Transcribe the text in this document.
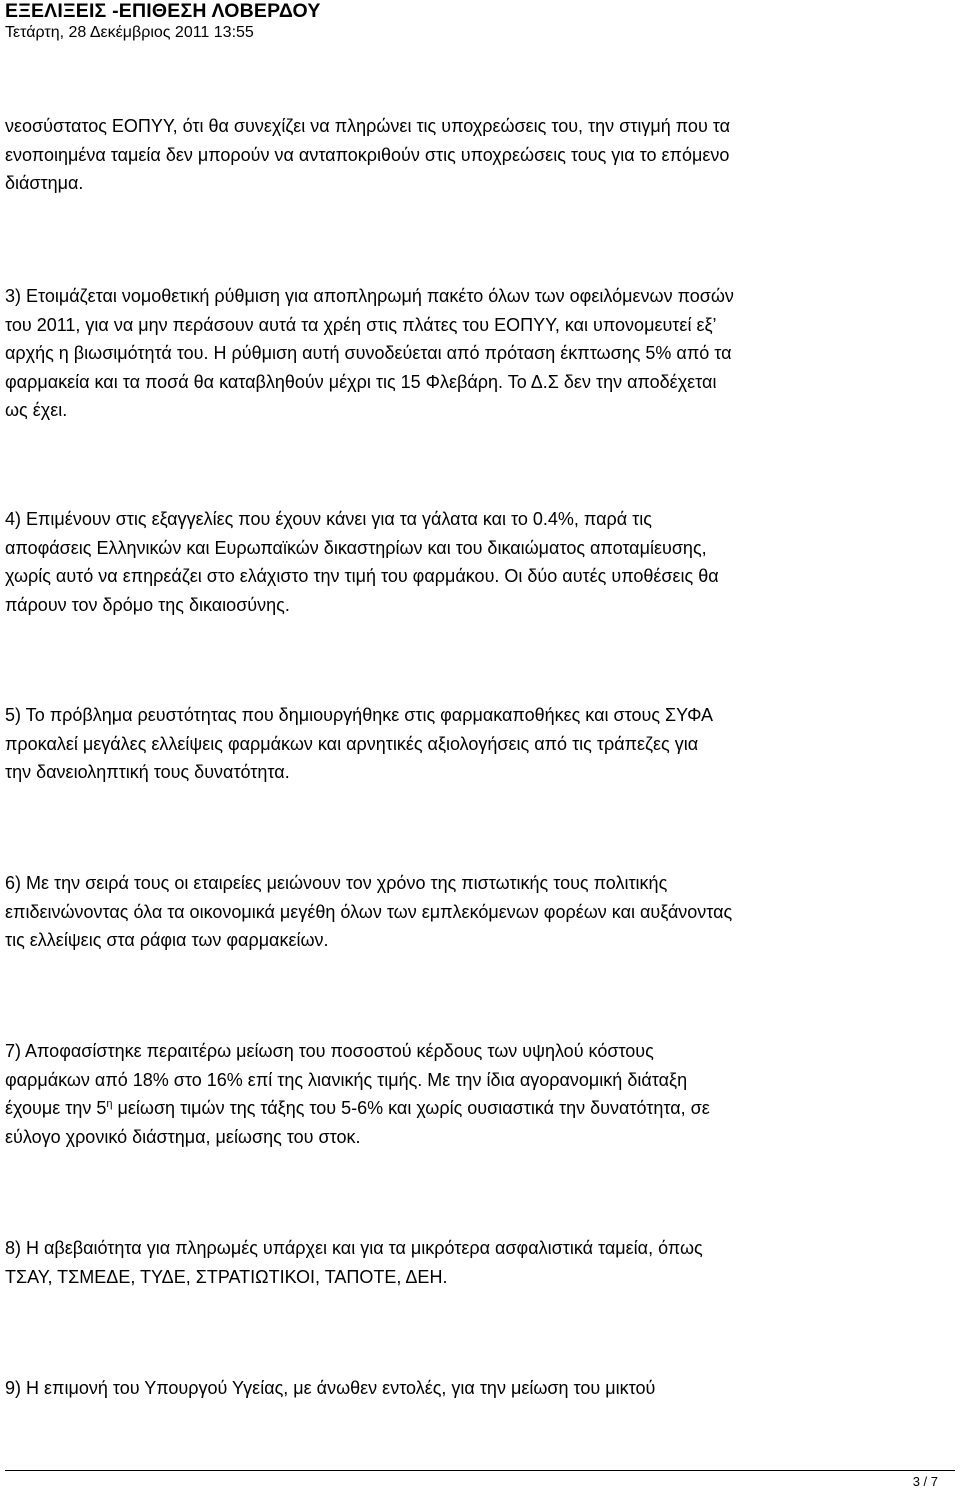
ΕΞΕΛΙΞΕΙΣ -ΕΠΙΘΕΣΗ ΛΟΒΕΡΔΟΥ
Τετάρτη, 28 Δεκέμβριος 2011 13:55

νεοσύστατος ΕΟΠΥΥ, ότι θα συνεχίζει να πληρώνει τις υποχρεώσεις του, την στιγμή που τα
ενοποιημένα ταμεία δεν μπορούν να ανταποκριθούν στις υποχρεώσεις τους για το επόμενο
διάστημα.

3) Ετοιμάζεται νομοθετική ρύθμιση για αποπληρωμή πακέτο όλων των οφειλόμενων ποσών
του 2011, για να μην περάσουν αυτά τα χρέη στις πλάτες του ΕΟΠΥΥ, και υπονομευτεί εξ’
αρχής η βιωσιμότητά του. Η ρύθμιση αυτή συνοδεύεται από πρόταση έκπτωσης 5% από τα
φαρμακεία και τα ποσά θα καταβληθούν μέχρι τις 15 Φλεβάρη. Το Δ.Σ δεν την αποδέχεται
ως έχει.

4) Επιμένουν στις εξαγγελίες που έχουν κάνει για τα γάλατα και το 0.4%, παρά τις
αποφάσεις Ελληνικών και Ευρωπαϊκών δικαστηρίων και του δικαιώματος αποταμίευσης,
χωρίς αυτό να επηρεάζει στο ελάχιστο την τιμή του φαρμάκου. Οι δύο αυτές υποθέσεις θα
πάρουν τον δρόμο της δικαιοσύνης.

5) Το πρόβλημα ρευστότητας που δημιουργήθηκε στις φαρμακαποθήκες και στους ΣΥΦΑ
προκαλεί μεγάλες ελλείψεις φαρμάκων και αρνητικές αξιολογήσεις από τις τράπεζες για
την δανειοληπτική τους δυνατότητα.

6) Με την σειρά τους οι εταιρείες μειώνουν τον χρόνο της πιστωτικής τους πολιτικής
επιδεινώνοντας όλα τα οικονομικά μεγέθη όλων των εμπλεκόμενων φορέων και αυξάνοντας
τις ελλείψεις στα ράφια των φαρμακείων.

7) Αποφασίστηκε περαιτέρω μείωση του ποσοστού κέρδους των υψηλού κόστους
φαρμάκων από 18% στο 16% επί της λιανικής τιμής. Με την ίδια αγορανομική διάταξη
έχουμε την $5^\eta$ μείωση τιμών της τάξης του 5-6% και χωρίς ουσιαστικά την δυνατότητα, σε
εύλογο χρονικό διάστημα, μείωσης του στοκ.

8) Η αβεβαιότητα για πληρωμές υπάρχει και για τα μικρότερα ασφαλιστικά ταμεία, όπως
ΤΣΑΥ, ΤΣΜΕΔΕ, ΤΥΔΕ, ΣΤΡΑΤΙΩΤΙΚΟΙ, ΤΑΠΟΤΕ, ΔΕΗ.

9) Η επιμονή του Υπουργού Υγείας, με άνωθεν εντολές, για την μείωση του μικτού

3 / 7
